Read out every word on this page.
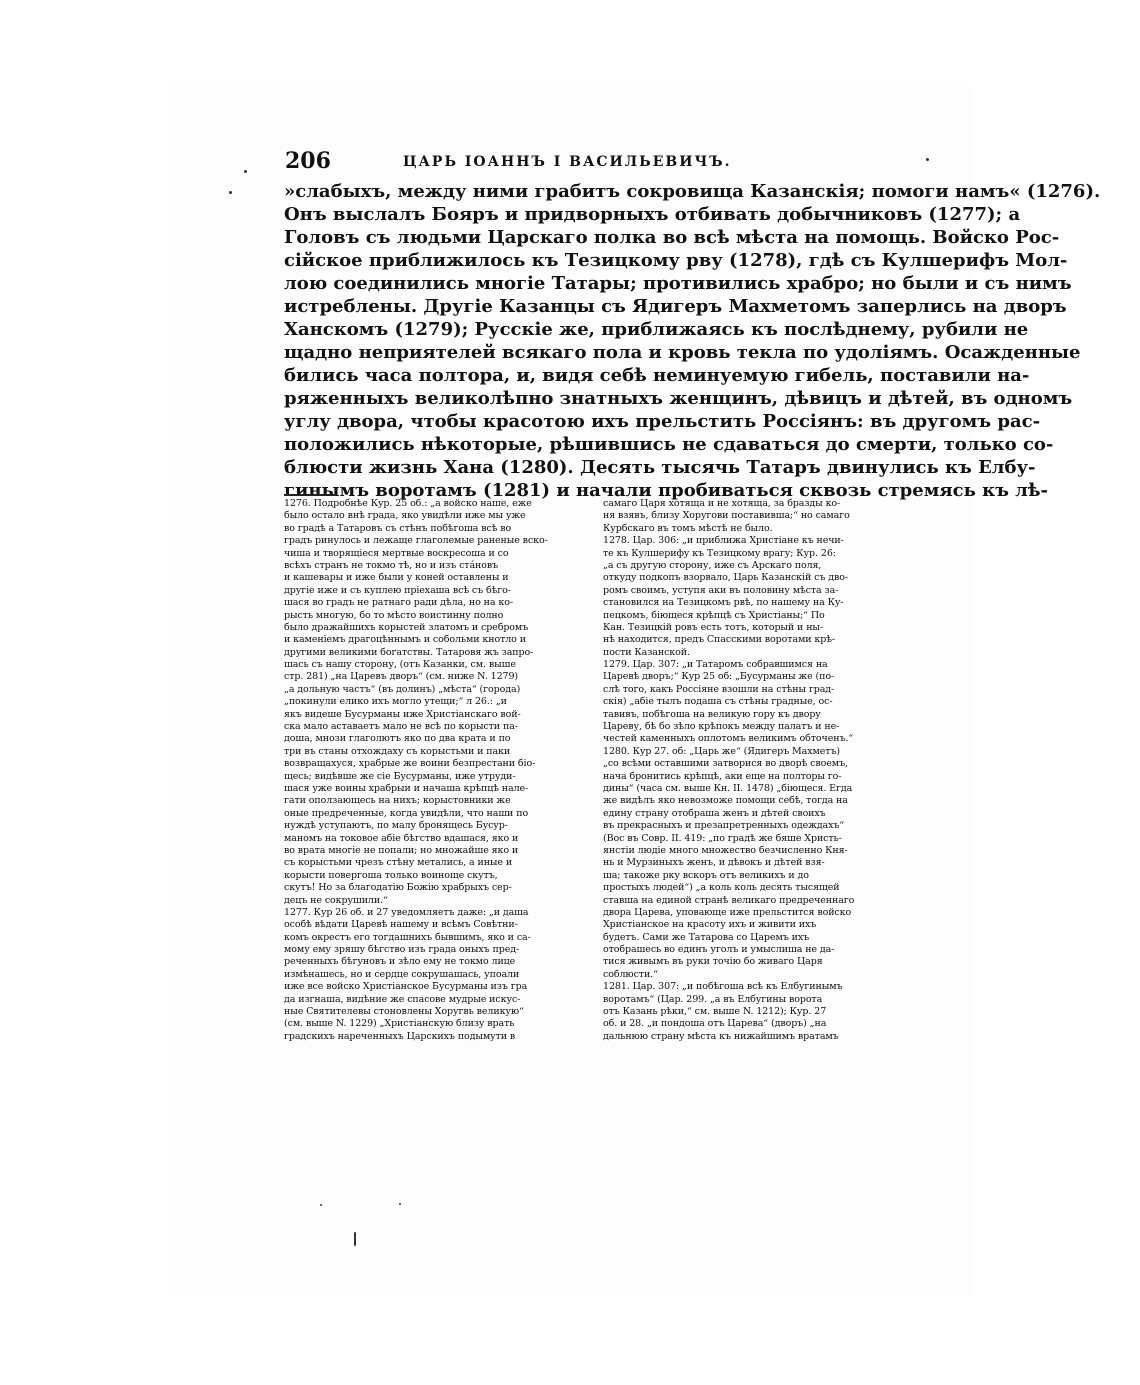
206	ЦАРЬ ІОАННЪ І ВАСИЛЬЕВИЧЪ.
»слабыхъ, между ними грабитъ сокровища Казанскія; помоги намъ« (1276).
Онъ выслалъ Бояръ и придворныхъ отбивать добычниковъ (1277); а
Головъ съ людьми Царскаго полка во всѣ мѣста на помощь. Войско Рос-
сійское приближилось къ Тезицкому рву (1278), гдѣ съ Кулшерифъ Мол-
лою соединились многіе Татары; противились храбро; но были и съ нимъ
истреблены. Другіе Казанцы съ Ядигеръ Махметомъ заперлись на дворъ
Ханскомъ (1279); Русскіе же, приближаясь къ послѣднему, рубили не
щадно неприятелей всякаго пола и кровь текла по удолiямъ. Осажденные
бились часа полтора, и, видя себѣ неминуемую гибель, поставили на-
ряженныхъ великолѣпно знатныхъ женщинъ, дѣвицъ и дѣтей, въ одномъ
углу двора, чтобы красотою ихъ прельстить Россіянъ: въ другомъ рас-
положились нѣкоторые, рѣшившись не сдаваться до смерти, только со-
блюсти жизнь Хана (1280). Десять тысячь Татаръ двинулись къ Елбу-
гинымъ воротамъ (1281) и начали пробиваться сквозь стремясь къ лѣ-
1276. Подробнѣе Кур. 25 об.: „а войско наше, еже
было остало внѣ града, яко увидѣли иже мы уже
во градѣ а Татаровъ съ стѣнъ побѣгоша всѣ во
градъ ринулось и лежаще глаголемые раненые вско-
чиша и творящіеся мертвые воскресоша и со
всѣхъ странъ не токмо тѣ, но и изъ стáновъ
и кашевары и иже были у коней оставлены и
другіе иже и съ куплею пріехаша всѣ съ бѣго-
шася во градъ не ратнаго ради дѣла, но на ко-
рысть многую, бо то мѣсто воистинну полно
было дражайшихъ корыстей златомъ и сребромъ
и каменіемъ драгоцѣннымъ и собольми кнотло и
другими великими богатствы. Татаровя жъ запро-
шась съ нашу сторону, (отъ Казанки, см. выше
стр. 281) „на Царевъ дворъ“ (см. ниже N. 1279)
„а дольную частъ“ (въ долинъ) „мѣста“ (города)
„покинули елико ихъ могло утещи;“ л 26.: „и
якъ видеше Бусурманы иже Христіанскаго вой-
ска мало аставаетъ мало не всѣ по корысти па-
доша, мнози глаголютъ яко по два крата и по
три въ станы отхождаху съ корыстьми и паки
возвращахуся, храбрые же воини безпрестани біо-
щесь; видѣвше же сіе Бусурманы, иже утруди-
шася уже воины храбрыи и начаша крѣпцѣ нале-
гати оползающесь на нихъ; корыстовники же
оные предреченные, когда увидѣли, что наши по
нуждѣ уступаютъ, по малу бронящесь Бусур-
маномъ на токовое абіе бѣгство вдашася, яко и
во врата многіе не попали; но множайше яко и
съ корыстьми чрезъ стѣну метались, а иные и
корысти повергоша только воиноще скутъ,
скутъ! Но за благодатію Божію храбрыхъ сер-
децъ не сокрушили.“
1277. Кур 26 об. и 27 уведомляетъ даже: „и даша
особѣ вѣдати Царевѣ нашему и всѣмъ Совѣтни-
комъ окрестъ его тогдашнихъ бывшимъ, яко и са-
мому ему зряшу бѣгство изъ града оныхъ пред-
реченныхъ бѣгуновъ и зѣло ему не токмо лице
измѣнашесь, но и сердце сокрушашась, упоали
иже все войско Христіанское Бусурманы изъ гра
да изгнаша, видѣние же спасове мудрые искус-
ные Святителевы стоновлены Хоругвь великую“
(см. выше N. 1229) „Христіанскую близу врать
градскихъ нареченныхъ Царскихъ подымути в
самаго Царя хотяща и не хотяща, за бразды ко-
ня взявъ, близу Хоругови поставивша;“ но самаго
Курбскаго въ томъ мѣстѣ не было.
1278. Цар. 306: „и приближа Христіане къ нечи-
те къ Кулшерифу къ Тезицкому врагу; Кур. 26:
„а съ другую сторону, иже съ Арскаго поля,
откуду подкопъ взорвало, Царь Казанскій съ дво-
ромъ своимъ, уступя аки въ половину мѣста за-
становился на Тезицкомъ рвѣ, по нашему на Ку-
пецкомъ, біющеся крѣпцѣ съ Христіаны;“ По
Кан. Тезицкій ровъ есть тотъ, который и ны-
нѣ находится, предъ Спасскими воротами крѣ-
пости Казанской.
1279. Цар. 307: „и Татаромъ собравшимся на
Царевѣ дворъ;“ Кур 25 об: „Бусурманы же (по-
слѣ того, какъ Россіяне взошли на стѣны град-
скія) „абіе тылъ подаша съ стѣны градные, ос-
тавивъ, побѣгоша на великую гору къ двору
Цареву, бѣ бо зѣло крѣпокъ между палатъ и не-
честей каменныхъ оплотомъ великимъ обточенъ.“
1280. Кур 27. об: „Царь же“ (Ядигеръ Махметъ)
„со всѣми оставшими затворися во дворѣ своемъ,
нача бронитись крѣпцѣ, аки еще на полторы го-
дины“ (часа см. выше Кн. II. 1478) „біющеся. Егда
же видѣлъ яко невозможе помощи себѣ, тогда на
едину страну отобраша женъ и дѣтей своихъ
въ прекрасныхъ и презапретренныхъ одеждахъ“
(Вос въ Совр. II. 419: „по градѣ же бяше Христь-
янстіи людіе много множество безчисленно Кня-
нь и Мурзиныхъ женъ, и дѣвокъ и дѣтей взя-
ша; такоже рку вскоръ отъ великихъ и до
простыхъ людей“) „а коль коль десять тысящей
ставша на единой странѣ великаго предреченнаго
двора Царева, уповающе иже прельстится войско
Христіанское на красоту ихъ и живити ихъ
будетъ. Сами же Татарова со Царемъ ихъ
отобрашесь во единъ уголъ и умыслиша не да-
тися живымъ въ руки точію бо живаго Царя
соблюсти.“
1281. Цар. 307: „и побѣгоша всѣ къ Елбугинымъ
воротамъ“ (Цар. 299. „а въ Елбугины ворота
отъ Казань рѣки,“ см. выше N. 1212); Кур. 27
об. и 28. „и пондоша отъ Царева“ (дворъ) „на
дальнюю страну мѣста къ нижайшимъ вратамъ
